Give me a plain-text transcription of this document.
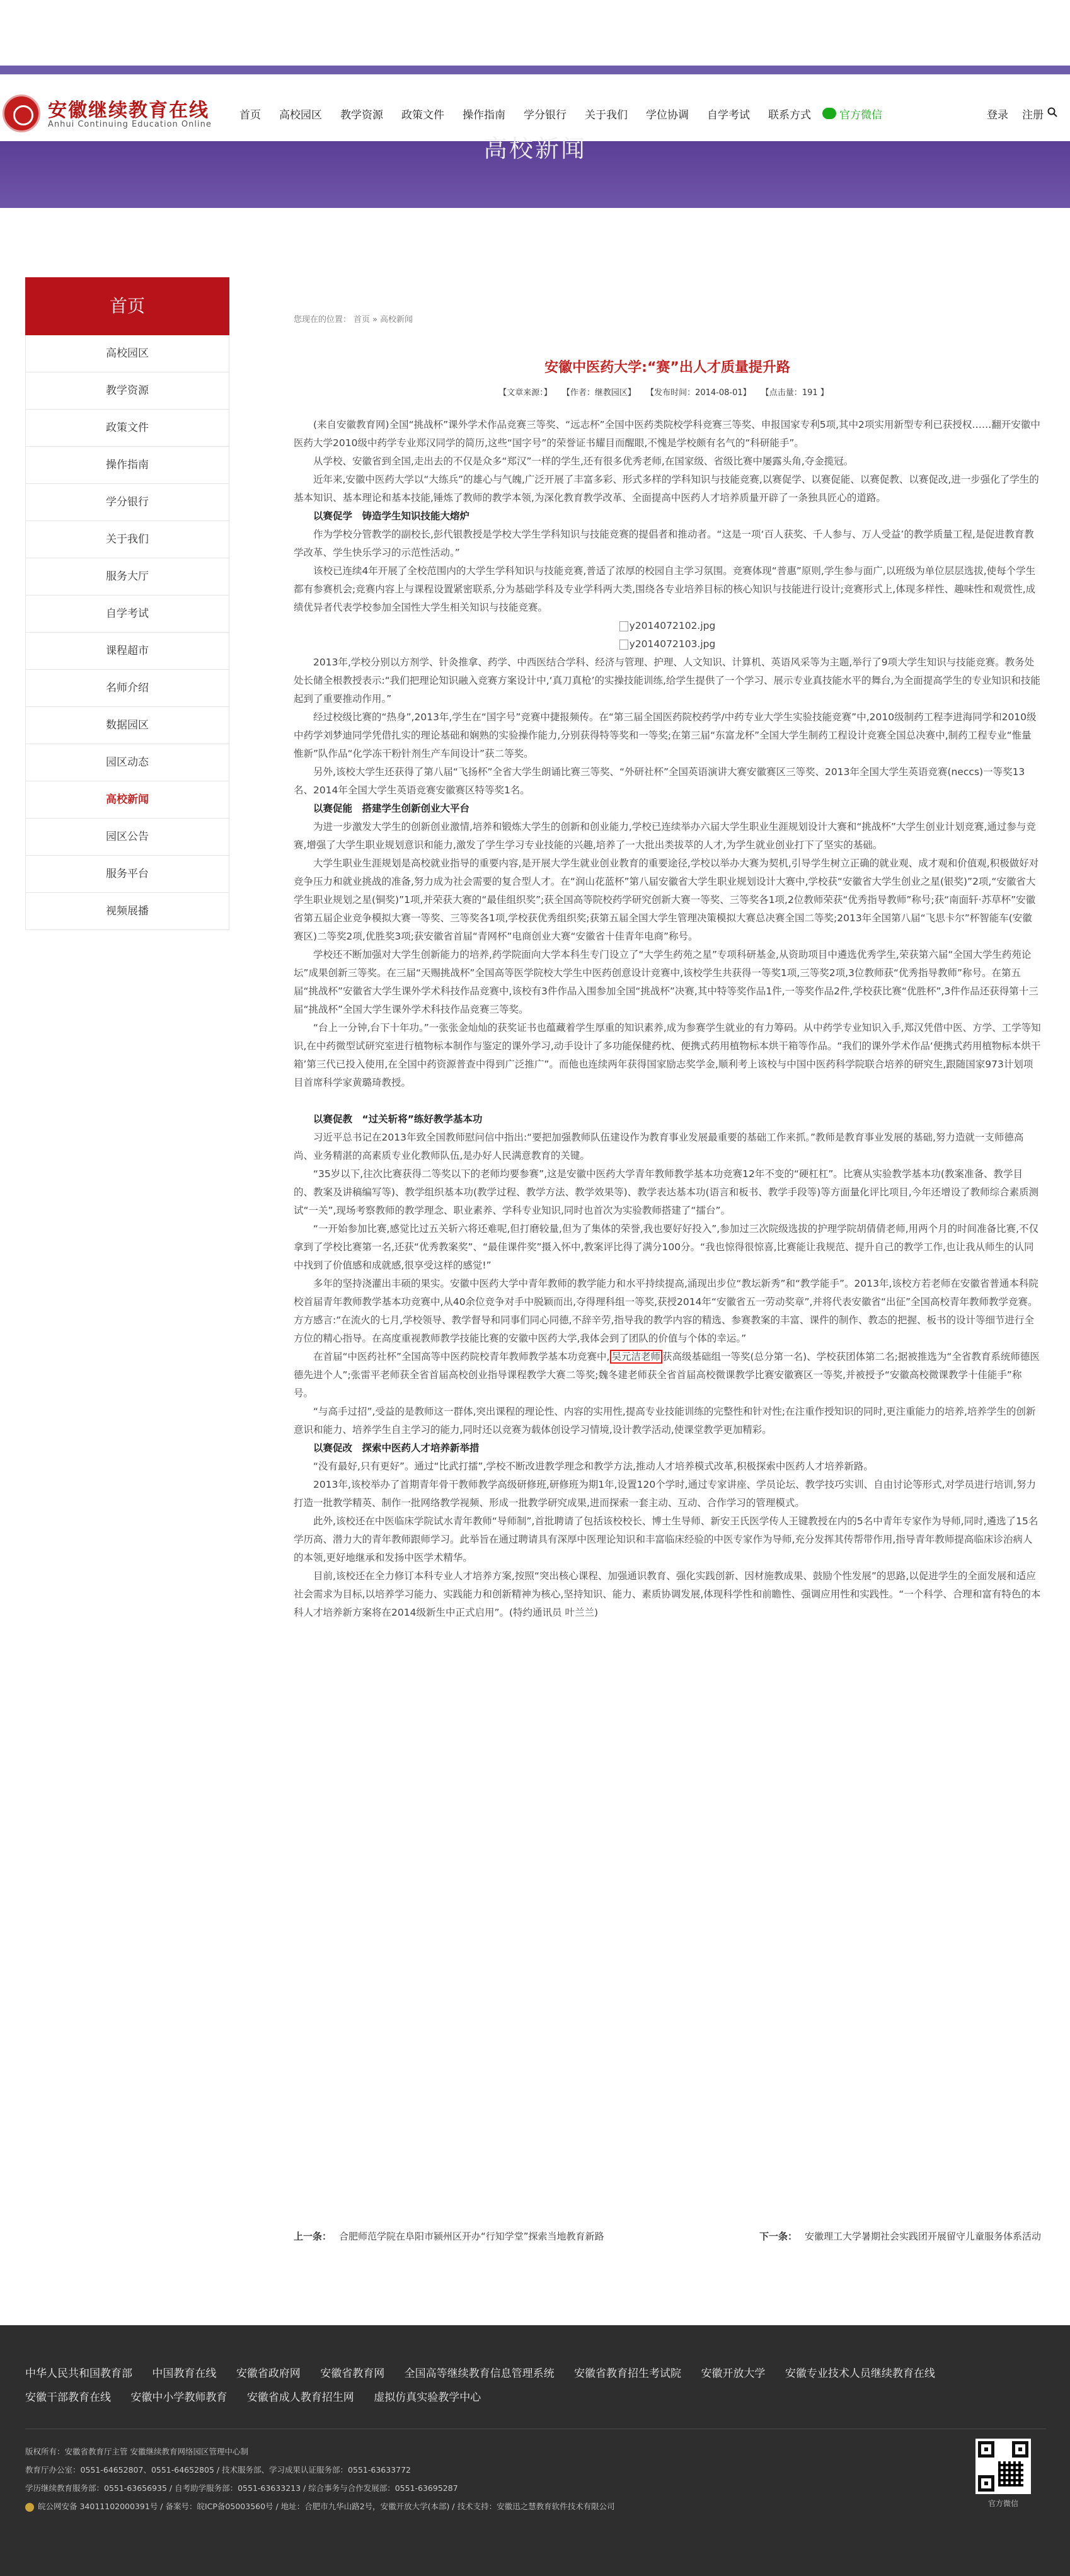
安徽继续教育在线
Anhui Continuing Education Online
首页 高校园区 教学资源 政策文件 操作指南 学分银行 关于我们 学位协调 自学考试 联系方式	官方微信	登录 注册
高校新闻
首页
高校园区
教学资源
政策文件
操作指南
学分银行
关于我们
服务大厅
自学考试
课程超市
名师介绍
数据园区
园区动态
高校新闻
园区公告
服务平台
视频展播
您现在的位置： 首页 » 高校新闻
安徽中医药大学:“赛”出人才质量提升路
【文章来源：】 【作者：继教园区】 【发布时间：2014-08-01】 【点击量：191 】

(来自安徽教育网)全国“挑战杯”课外学术作品竞赛三等奖、“远志杯”全国中医药类院校学科竞赛三等奖、申报国家专利5项,其中2项实用新型专利已获授权……翻开安徽中医药大学2010级中药学专业郑汉同学的简历,这些“国字号”的荣誉证书耀目而醒眼,不愧是学校颇有名气的“科研能手”。

从学校、安徽省到全国,走出去的不仅是众多“郑汉”一样的学生,还有很多优秀老师,在国家级、省级比赛中屡露头角,夺金揽冠。

近年来,安徽中医药大学以“大练兵”的雄心与气魄,广泛开展了丰富多彩、形式多样的学科知识与技能竞赛,以赛促学、以赛促能、以赛促教、以赛促改,进一步强化了学生的基本知识、基本理论和基本技能,锤炼了教师的教学本领,为深化教育教学改革、全面提高中医药人才培养质量开辟了一条独具匠心的道路。

以赛促学　铸造学生知识技能大熔炉

作为学校分管教学的副校长,彭代银教授是学校大学生学科知识与技能竞赛的提倡者和推动者。“这是一项‘百人获奖、千人参与、万人受益’的教学质量工程,是促进教育教学改革、学生快乐学习的示范性活动。”

该校已连续4年开展了全校范围内的大学生学科知识与技能竞赛,普适了浓厚的校园自主学习氛围。竞赛体现“普惠”原则,学生参与面广,以班级为单位层层选拔,使每个学生都有参赛机会;竞赛内容上与课程设置紧密联系,分为基础学科及专业学科两大类,围绕各专业培养目标的核心知识与技能进行设计;竞赛形式上,体现多样性、趣味性和观赏性,成绩优异者代表学校参加全国性大学生相关知识与技能竞赛。

y2014072102.jpg

y2014072103.jpg

2013年,学校分别以方剂学、针灸推拿、药学、中西医结合学科、经济与管理、护理、人文知识、计算机、英语风采等为主题,举行了9项大学生知识与技能竞赛。教务处处长储全根教授表示:“我们把理论知识融入竞赛方案设计中,‘真刀真枪’的实操技能训练,给学生提供了一个学习、展示专业真技能水平的舞台,为全面提高学生的专业知识和技能起到了重要推动作用。”

经过校级比赛的“热身”,2013年,学生在“国字号”竞赛中捷报频传。在“第三届全国医药院校药学/中药专业大学生实验技能竞赛”中,2010级制药工程李进海同学和2010级中药学刘梦迪同学凭借扎实的理论基础和娴熟的实验操作能力,分别获得特等奖和一等奖;在第三届“东富龙杯”全国大学生制药工程设计竞赛全国总决赛中,制药工程专业“惟量惟新”队作品“化学冻干粉针剂生产车间设计”获二等奖。

另外,该校大学生还获得了第八届“飞扬杯”全省大学生朗诵比赛三等奖、“外研社杯”全国英语演讲大赛安徽赛区三等奖、2013年全国大学生英语竞赛(neccs)一等奖13名、2014年全国大学生英语竞赛安徽赛区特等奖1名。

以赛促能　搭建学生创新创业大平台

为进一步激发大学生的创新创业激情,培养和锻炼大学生的创新和创业能力,学校已连续举办六届大学生职业生涯规划设计大赛和“挑战杯”大学生创业计划竞赛,通过参与竞赛,增强了大学生职业规划意识和能力,激发了学生学习专业技能的兴趣,培养了一大批出类拔萃的人才,为学生就业创业打下了坚实的基础。

大学生职业生涯规划是高校就业指导的重要内容,是开展大学生就业创业教育的重要途径,学校以举办大赛为契机,引导学生树立正确的就业观、成才观和价值观,积极做好对竞争压力和就业挑战的准备,努力成为社会需要的复合型人才。在“润山花蓝杯”第八届安徽省大学生职业规划设计大赛中,学校获“安徽省大学生创业之星(银奖)”2项,“安徽省大学生职业规划之星(铜奖)”1项,并荣获大赛的“最佳组织奖”;获全国高等院校药学研究创新大赛一等奖、三等奖各1项,2位教师荣获“优秀指导教师”称号;获“南面轩·苏草杯”安徽省第五届企业竞争模拟大赛一等奖、三等奖各1项,学校获优秀组织奖;获第五届全国大学生管理决策模拟大赛总决赛全国二等奖;2013年全国第八届“飞思卡尔”杯智能车(安徽赛区)二等奖2项,优胜奖3项;获安徽省首届“青网杯”电商创业大赛“安徽省十佳青年电商”称号。

学校还不断加强对大学生创新能力的培养,药学院面向大学本科生专门设立了“大学生药苑之星”专项科研基金,从资助项目中遴选优秀学生,荣获第六届“全国大学生药苑论坛”成果创新三等奖。在三届“天赐挑战杯”全国高等医学院校大学生中医药创意设计竞赛中,该校学生共获得一等奖1项,三等奖2项,3位教师获“优秀指导教师”称号。在第五届“挑战杯”安徽省大学生课外学术科技作品竞赛中,该校有3件作品入围参加全国“挑战杯”决赛,其中特等奖作品1件,一等奖作品2件,学校获比赛“优胜杯”,3件作品还获得第十三届“挑战杯”全国大学生课外学术科技作品竞赛三等奖。

“台上一分钟,台下十年功。”一张张金灿灿的获奖证书也蕴藏着学生厚重的知识素养,成为参赛学生就业的有力筹码。从中药学专业知识入手,郑汉凭借中医、方学、工学等知识,在中药微型试研究室进行植物标本制作与鉴定的课外学习,动手设计了多功能保健药枕、便携式药用植物标本烘干箱等作品。“我们的课外学术作品‘便携式药用植物标本烘干箱’第三代已投入使用,在全国中药资源普查中得到广泛推广”。而他也连续两年获得国家励志奖学金,顺利考上该校与中国中医药科学院联合培养的研究生,跟随国家973计划项目首席科学家黄璐琦教授。

以赛促教　“过关斩将”练好教学基本功

习近平总书记在2013年致全国教师慰问信中指出:“要把加强教师队伍建设作为教育事业发展最重要的基础工作来抓。”教师是教育事业发展的基础,努力造就一支师德高尚、业务精湛的高素质专业化教师队伍,是办好人民满意教育的关键。

“35岁以下,往次比赛获得二等奖以下的老师均要参赛”,这是安徽中医药大学青年教师教学基本功竞赛12年不变的“硬杠杠”。比赛从实验教学基本功(教案准备、教学目的、教案及讲稿编写等)、教学组织基本功(教学过程、教学方法、教学效果等)、教学表达基本功(语言和板书、教学手段等)等方面量化评比项目,今年还增设了教师综合素质测试“一关”,现场考察教师的教学理念、职业素养、学科专业知识,同时也首次为实验教师搭建了“擂台”。

“一开始参加比赛,感觉比过五关斩六将还难呢,但打磨较量,但为了集体的荣誉,我也要好好投入”,参加过三次院级选拔的护理学院胡倩倩老师,用两个月的时间准备比赛,不仅拿到了学校比赛第一名,还获“优秀教案奖”、“最佳课件奖”摄入怀中,教案评比得了满分100分。“我也惊得很惊喜,比赛能让我规范、提升自己的教学工作,也让我从师生的认同中找到了价值感和成就感,很享受这样的感觉!”

多年的坚持浇灌出丰硕的果实。安徽中医药大学中青年教师的教学能力和水平持续提高,涌现出步位“教坛新秀”和“教学能手”。2013年,该校方若老师在安徽省普通本科院校首届青年教师教学基本功竞赛中,从40余位竞争对手中脱颖而出,夺得理科组一等奖,获授2014年“安徽省五一劳动奖章”,并将代表安徽省“出征”全国高校青年教师教学竞赛。方方感言:“在流火的七月,学校领导、教学督导和同事们同心同德,不辞辛劳,指导我的教学内容的精选、参赛教案的丰富、课件的制作、教态的把握、板书的设计等细节进行全方位的精心指导。在高度重视教师教学技能比赛的安徽中医药大学,我体会到了团队的价值与个体的幸运。”

在首届“中医药社杯”全国高等中医药院校青年教师教学基本功竞赛中, 吴元洁老师 获高级基础组一等奖(总分第一名)、学校获团体第二名;据被推选为“全省教育系统师德医德先进个人”;张雷平老师获全省首届高校创业指导课程教学大赛二等奖;魏冬建老师获全省首届高校微课教学比赛安徽赛区一等奖,并被授予“安徽高校微课教学十佳能手”称号。

“与高手过招”,受益的是教师这一群体,突出课程的理论性、内容的实用性,提高专业技能训练的完整性和针对性;在注重作授知识的同时,更注重能力的培养,培养学生的创新意识和能力、培养学生自主学习的能力,同时还以竞赛为载体创设学习情境,设计教学活动,使课堂教学更加精彩。

以赛促改　探索中医药人才培养新举措

“没有最好,只有更好”。通过“比武打擂”,学校不断改进教学理念和教学方法,推动人才培养模式改革,积极探索中医药人才培养新路。

2013年,该校举办了首期青年骨干教师教学高级研修班,研修班为期1年,设置120个学时,通过专家讲座、学员论坛、教学技巧实训、自由讨论等形式,对学员进行培训,努力打造一批教学精英、制作一批网络教学视频、形成一批教学研究成果,进而探索一套主动、互动、合作学习的管理模式。

此外,该校还在中医临床学院试水青年教师“导师制”,首批聘请了包括该校校长、博士生导师、新安王氏医学传人王键教授在内的5名中青年专家作为导师,同时,遴选了15名学历高、潜力大的青年教师跟师学习。此举旨在通过聘请具有深厚中医理论知识和丰富临床经验的中医专家作为导师,充分发挥其传帮带作用,指导青年教师提高临床诊治病人的本领,更好地继承和发扬中医学术精华。

目前,该校还在全力修订本科专业人才培养方案,按照“突出核心课程、加强通识教育、强化实践创新、因材施教成果、鼓励个性发展”的思路,以促进学生的全面发展和适应社会需求为目标,以培养学习能力、实践能力和创新精神为核心,坚持知识、能力、素质协调发展,体现科学性和前瞻性、强调应用性和实践性。“一个科学、合理和富有特色的本科人才培养新方案将在2014级新生中正式启用”。(特约通讯员 叶兰兰)

上一条： 合肥师范学院在阜阳市颍州区开办“行知学堂”探索当地教育新路	下一条： 安徽理工大学暑期社会实践团开展留守儿童服务体系活动
中华人民共和国教育部 中国教育在线 安徽省政府网 安徽省教育网 全国高等继续教育信息管理系统 安徽省教育招生考试院 安徽开放大学 安徽专业技术人员继续教育在线
安徽干部教育在线 安徽中小学教师教育 安徽省成人教育招生网 虚拟仿真实验教学中心
版权所有：安徽省教育厅主管 安徽继续教育网络园区管理中心制
教育厅办公室：0551-64652807、0551-64652805 / 技术服务部、学习成果认证服务部：0551-63633772
学历继续教育服务部：0551-63656935 / 自考助学服务部：0551-63633213 / 综合事务与合作发展部：0551-63695287
皖公网安备 34011102000391号 / 备案号：皖ICP备05003560号 / 地址：合肥市九华山路2号，安徽开放大学(本部) / 技术支持：安徽迅之慧教育软件技术有限公司	官方微信
